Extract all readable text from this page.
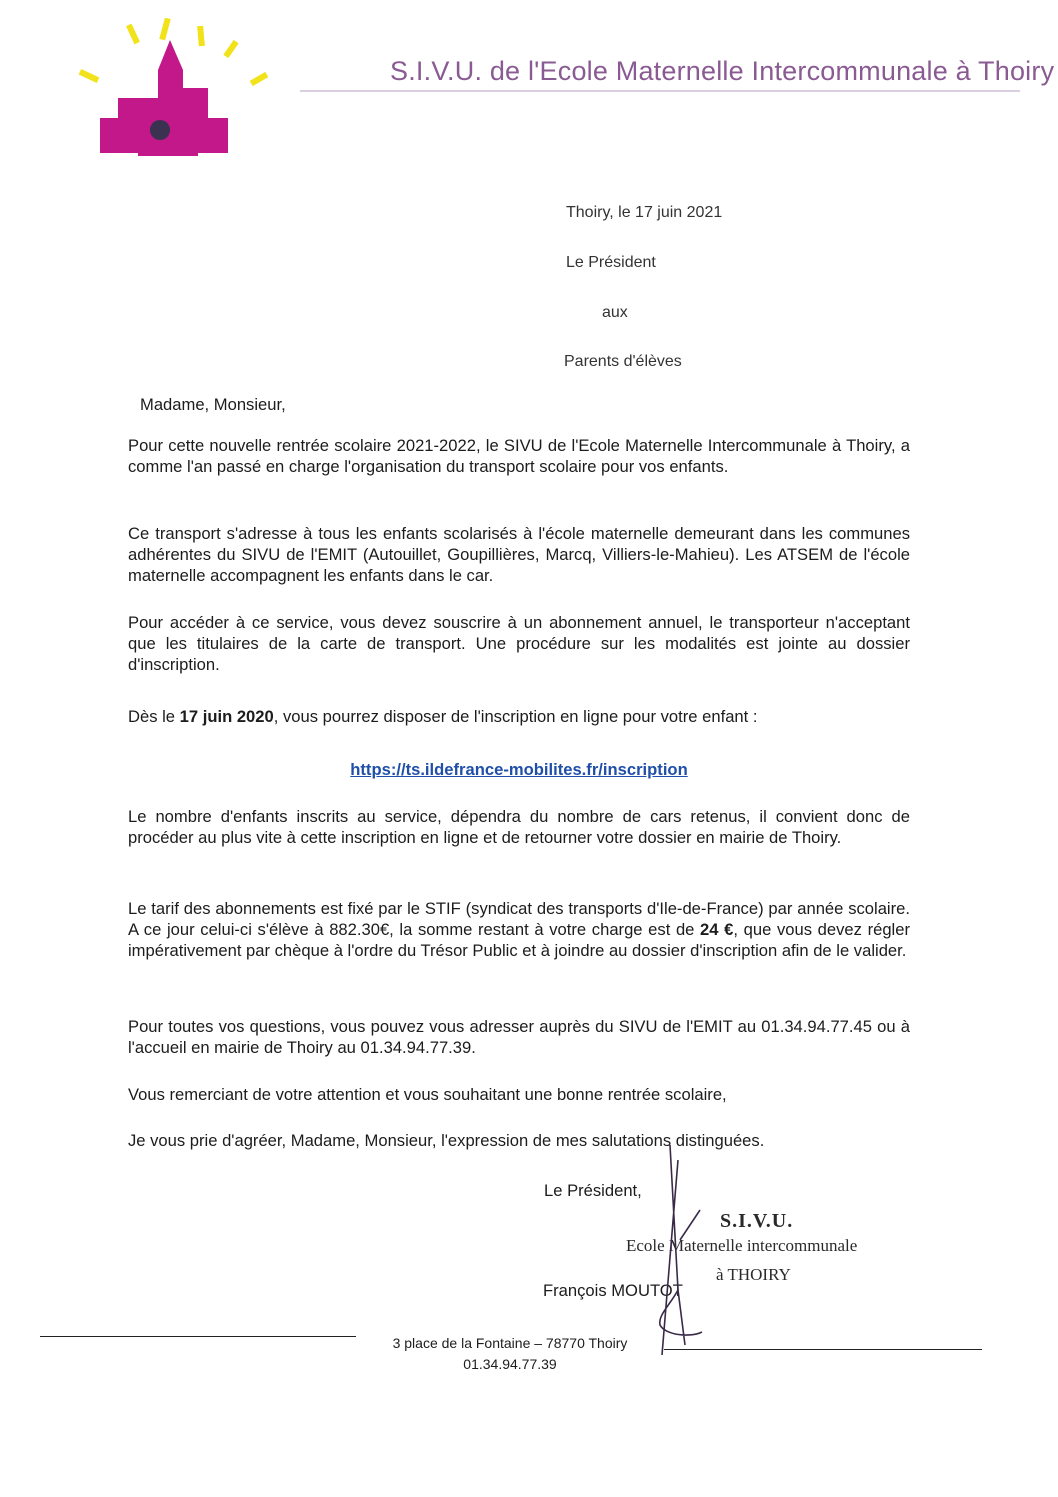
S.I.V.U. de l'Ecole Maternelle Intercommunale à Thoiry
Thoiry, le 17 juin 2021
Le Président
aux
Parents d'élèves
Madame, Monsieur,

Pour cette nouvelle rentrée scolaire 2021-2022, le SIVU de l'Ecole Maternelle Intercommunale à Thoiry, a comme l'an passé en charge l'organisation du transport scolaire pour vos enfants.

Ce transport s'adresse à tous les enfants scolarisés à l'école maternelle demeurant dans les communes adhérentes du SIVU de l'EMIT (Autouillet, Goupillières, Marcq, Villiers-le-Mahieu). Les ATSEM de l'école maternelle accompagnent les enfants dans le car.

Pour accéder à ce service, vous devez souscrire à un abonnement annuel, le transporteur n'acceptant que les titulaires de la carte de transport. Une procédure sur les modalités est jointe au dossier d'inscription.

Dès le 17 juin 2020, vous pourrez disposer de l'inscription en ligne pour votre enfant :

https://ts.ildefrance-mobilites.fr/inscription

Le nombre d'enfants inscrits au service, dépendra du nombre de cars retenus, il convient donc de procéder au plus vite à cette inscription en ligne et de retourner votre dossier en mairie de Thoiry.

Le tarif des abonnements est fixé par le STIF (syndicat des transports d'Ile-de-France) par année scolaire. A ce jour celui-ci s'élève à 882.30€, la somme restant à votre charge est de 24 €, que vous devez régler impérativement par chèque à l'ordre du Trésor Public et à joindre au dossier d'inscription afin de le valider.

Pour toutes vos questions, vous pouvez vous adresser auprès du SIVU de l'EMIT au 01.34.94.77.45 ou à l'accueil en mairie de Thoiry au 01.34.94.77.39.

Vous remerciant de votre attention et vous souhaitant une bonne rentrée scolaire,

Je vous prie d'agréer, Madame, Monsieur, l'expression de mes salutations distinguées.

Le Président,
François MOUTOT
S.I.V.U.
Ecole Maternelle intercommunale
à THOIRY
3 place de la Fontaine – 78770 Thoiry
01.34.94.77.39
